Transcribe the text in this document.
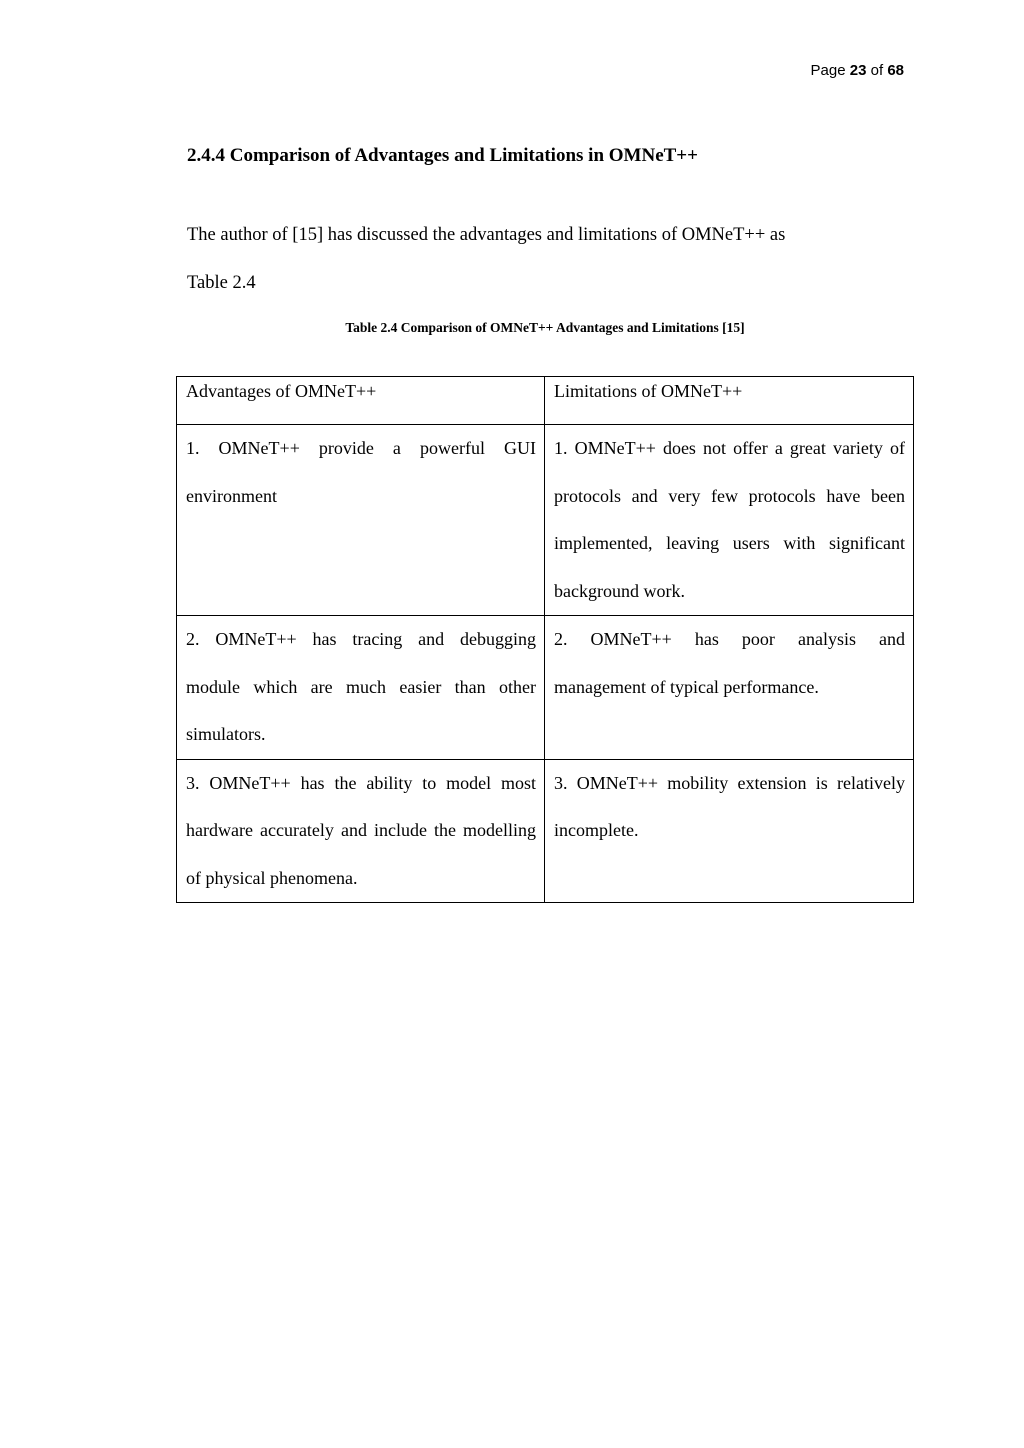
Page 23 of 68
2.4.4 Comparison of Advantages and Limitations in OMNeT++
The author of [15] has discussed the advantages and limitations of OMNeT++ as
Table 2.4

Table 2.4 Comparison of OMNeT++ Advantages and Limitations [15]

Advantages of OMNeT++	Limitations of OMNeT++
1. OMNeT++ provide a powerful GUI environment	1. OMNeT++ does not offer a great variety of protocols and very few protocols have been implemented, leaving users with significant background work.
2. OMNeT++ has tracing and debugging module which are much easier than other simulators.	2. OMNeT++ has poor analysis and management of typical performance.
3. OMNeT++ has the ability to model most hardware accurately and include the modelling of physical phenomena.	3. OMNeT++ mobility extension is relatively incomplete.
